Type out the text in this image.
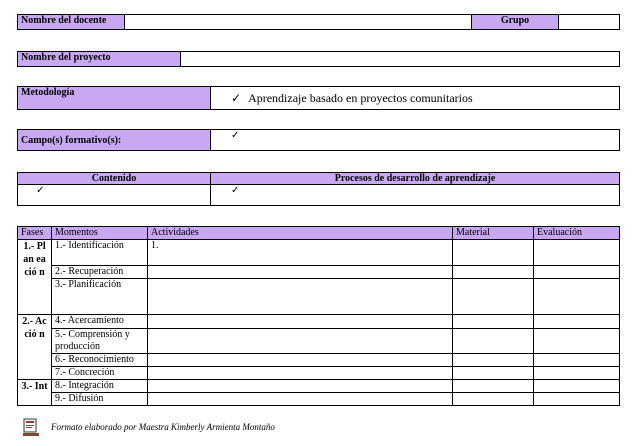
Nombre del docente		Grupo	
Nombre del proyecto	
Metodología	✓ Aprendizaje basado en proyectos comunitarios
Campo(s) formativo(s):	✓
Contenido	Procesos de desarrollo de aprendizaje
✓	✓
Fases	Momentos	Actividades	Material	Evaluación
1.- Pl an ea ció n	1.- Identificación	1.		
	2.- Recuperación			
	3.- Planificación			
2.- Ac ció n	4.- Acercamiento			
	5.- Comprensión y producción			
	6.- Reconocimiento			
	7.- Concreción			
3.- Int	8.- Integración			
	9.- Difusión			
Formato elaborado por Maestra Kimberly Armienta Montaño
